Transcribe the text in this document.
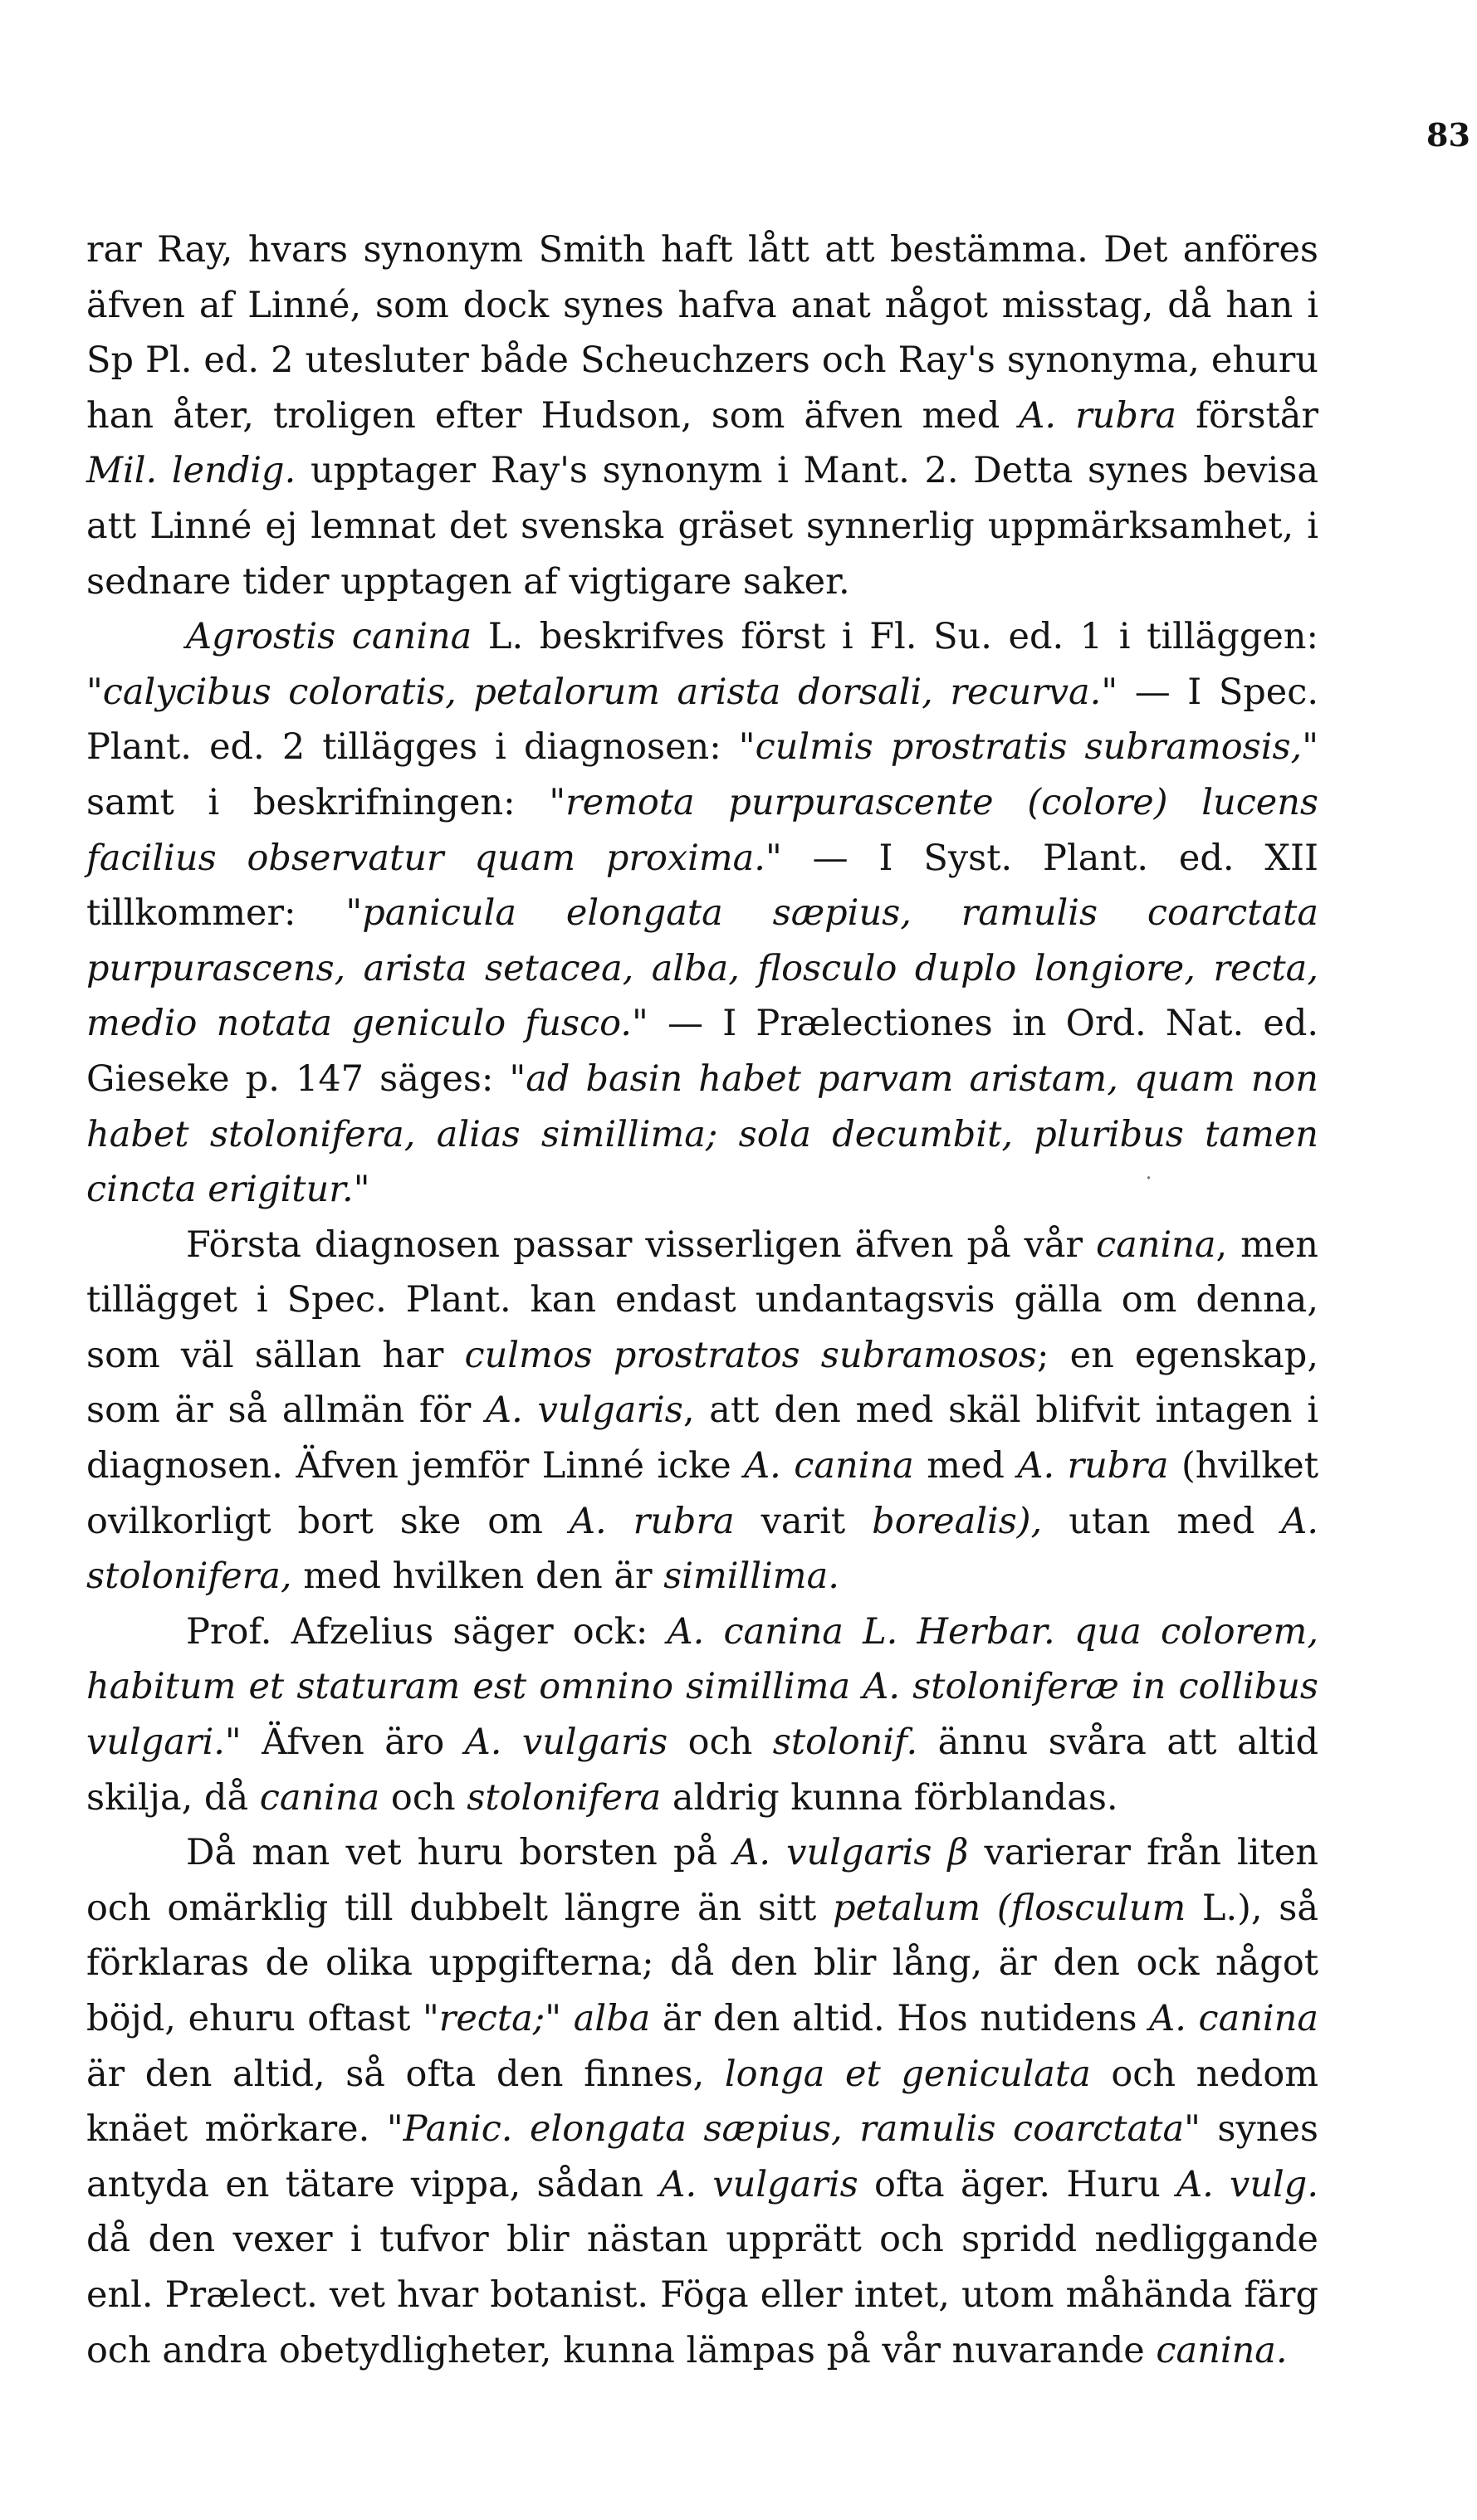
83

rar Ray, hvars synonym Smith haft lått att bestämma. Det anföres äfven af Linné, som dock synes hafva anat något misstag, då han i Sp Pl. ed. 2 utesluter både Scheuchzers och Ray's synonyma, ehuru han åter, troligen efter Hudson, som äfven med A. rubra förstår Mil. lendig. upptager Ray's synonym i Mant. 2. Detta synes bevisa att Linné ej lemnat det svenska gräset synnerlig uppmärksamhet, i sednare tider upptagen af vigtigare saker.

Agrostis canina L. beskrifves först i Fl. Su. ed. 1 i tilläggen: "calycibus coloratis, petalorum arista dorsali, recurva." — I Spec. Plant. ed. 2 tillägges i diagnosen: "culmis prostratis subramosis," samt i beskrifningen: "remota purpurascente (colore) lucens facilius observatur quam proxima." — I Syst. Plant. ed. XII tillkommer: "panicula elongata sæpius, ramulis coarctata purpurascens, arista setacea, alba, flosculo duplo longiore, recta, medio notata geniculo fusco." — I Prælectiones in Ord. Nat. ed. Gieseke p. 147 säges: "ad basin habet parvam aristam, quam non habet stolonifera, alias simillima; sola decumbit, pluribus tamen cincta erigitur."

Första diagnosen passar visserligen äfven på vår canina, men tillägget i Spec. Plant. kan endast undantagsvis gälla om denna, som väl sällan har culmos prostratos subramosos; en egenskap, som är så allmän för A. vulgaris, att den med skäl blifvit intagen i diagnosen. Äfven jemför Linné icke A. canina med A. rubra (hvilket ovilkorligt bort ske om A. rubra varit borealis), utan med A. stolonifera, med hvilken den är simillima.

Prof. Afzelius säger ock: A. canina L. Herbar. qua colorem, habitum et staturam est omnino simillima A. stoloniferæ in collibus vulgari." Äfven äro A. vulgaris och stolonif. ännu svåra att altid skilja, då canina och stolonifera aldrig kunna förblandas.

Då man vet huru borsten på A. vulgaris β varierar från liten och omärklig till dubbelt längre än sitt petalum (flosculum L.), så förklaras de olika uppgifterna; då den blir lång, är den ock något böjd, ehuru oftast "recta;" alba är den altid. Hos nutidens A. canina är den altid, så ofta den finnes, longa et geniculata och nedom knäet mörkare. "Panic. elongata sæpius, ramulis coarctata" synes antyda en tätare vippa, sådan A. vulgaris ofta äger. Huru A. vulg. då den vexer i tufvor blir nästan upprätt och spridd nedliggande enl. Prælect. vet hvar botanist. Föga eller intet, utom måhända färg och andra obetydligheter, kunna lämpas på vår nuvarande canina.

˙
